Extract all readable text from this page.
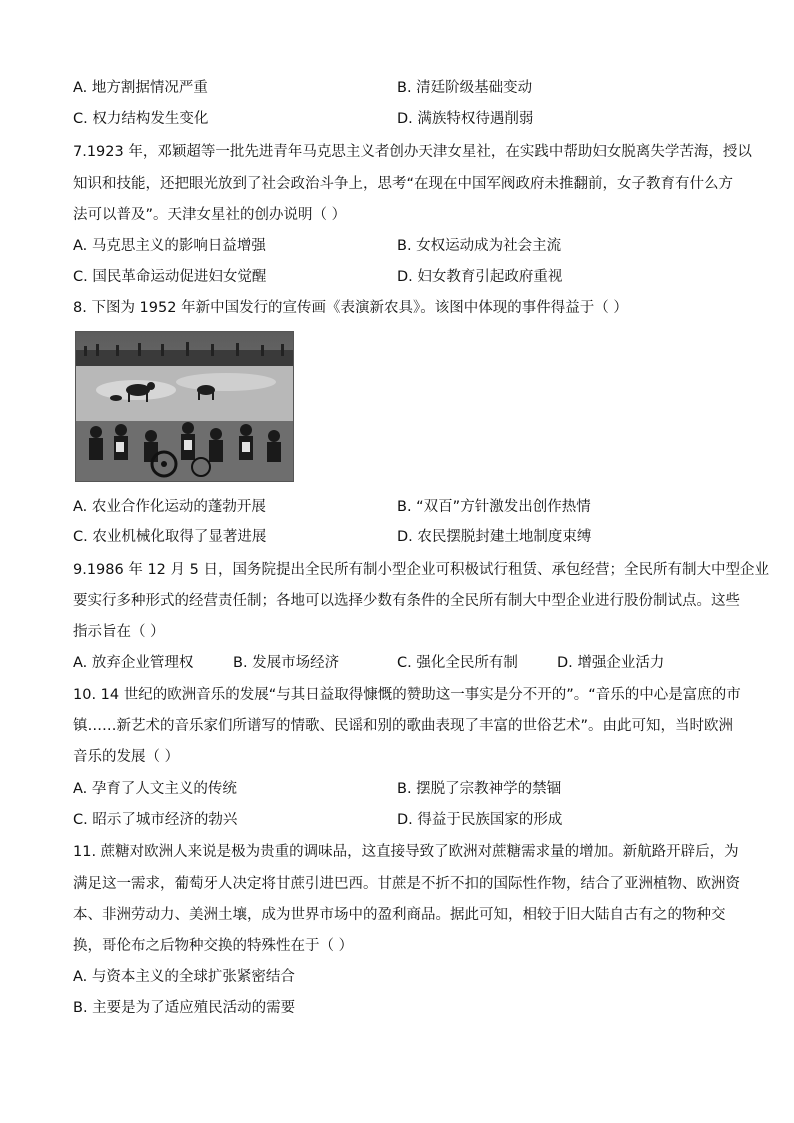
A. 地方割据情况严重	B. 清廷阶级基础变动
C. 权力结构发生变化	D. 满族特权待遇削弱
7.1923 年，邓颖超等一批先进青年马克思主义者创办天津女星社，在实践中帮助妇女脱离失学苦海，授以
知识和技能，还把眼光放到了社会政治斗争上，思考“在现在中国军阀政府未推翻前，女子教育有什么方
法可以普及”。天津女星社的创办说明（ ）
A. 马克思主义的影响日益增强	B. 女权运动成为社会主流
C. 国民革命运动促进妇女觉醒	D. 妇女教育引起政府重视
8. 下图为 1952 年新中国发行的宣传画《表演新农具》。该图中体现的事件得益于（ ）
A. 农业合作化运动的蓬勃开展	B. “双百”方针激发出创作热情
C. 农业机械化取得了显著进展	D. 农民摆脱封建土地制度束缚
9.1986 年 12 月 5 日，国务院提出全民所有制小型企业可积极试行租赁、承包经营；全民所有制大中型企业
要实行多种形式的经营责任制；各地可以选择少数有条件的全民所有制大中型企业进行股份制试点。这些
指示旨在（ ）
A. 放弃企业管理权	B. 发展市场经济	C. 强化全民所有制	D. 增强企业活力
10. 14 世纪的欧洲音乐的发展“与其日益取得慷慨的赞助这一事实是分不开的”。“音乐的中心是富庶的市
镇……新艺术的音乐家们所谱写的情歌、民谣和别的歌曲表现了丰富的世俗艺术”。由此可知，当时欧洲
音乐的发展（ ）
A. 孕育了人文主义的传统	B. 摆脱了宗教神学的禁锢
C. 昭示了城市经济的勃兴	D. 得益于民族国家的形成
11. 蔗糖对欧洲人来说是极为贵重的调味品，这直接导致了欧洲对蔗糖需求量的增加。新航路开辟后，为
满足这一需求，葡萄牙人决定将甘蔗引进巴西。甘蔗是不折不扣的国际性作物，结合了亚洲植物、欧洲资
本、非洲劳动力、美洲土壤，成为世界市场中的盈利商品。据此可知，相较于旧大陆自古有之的物种交
换，哥伦布之后物种交换的特殊性在于（ ）
A. 与资本主义的全球扩张紧密结合
B. 主要是为了适应殖民活动的需要
